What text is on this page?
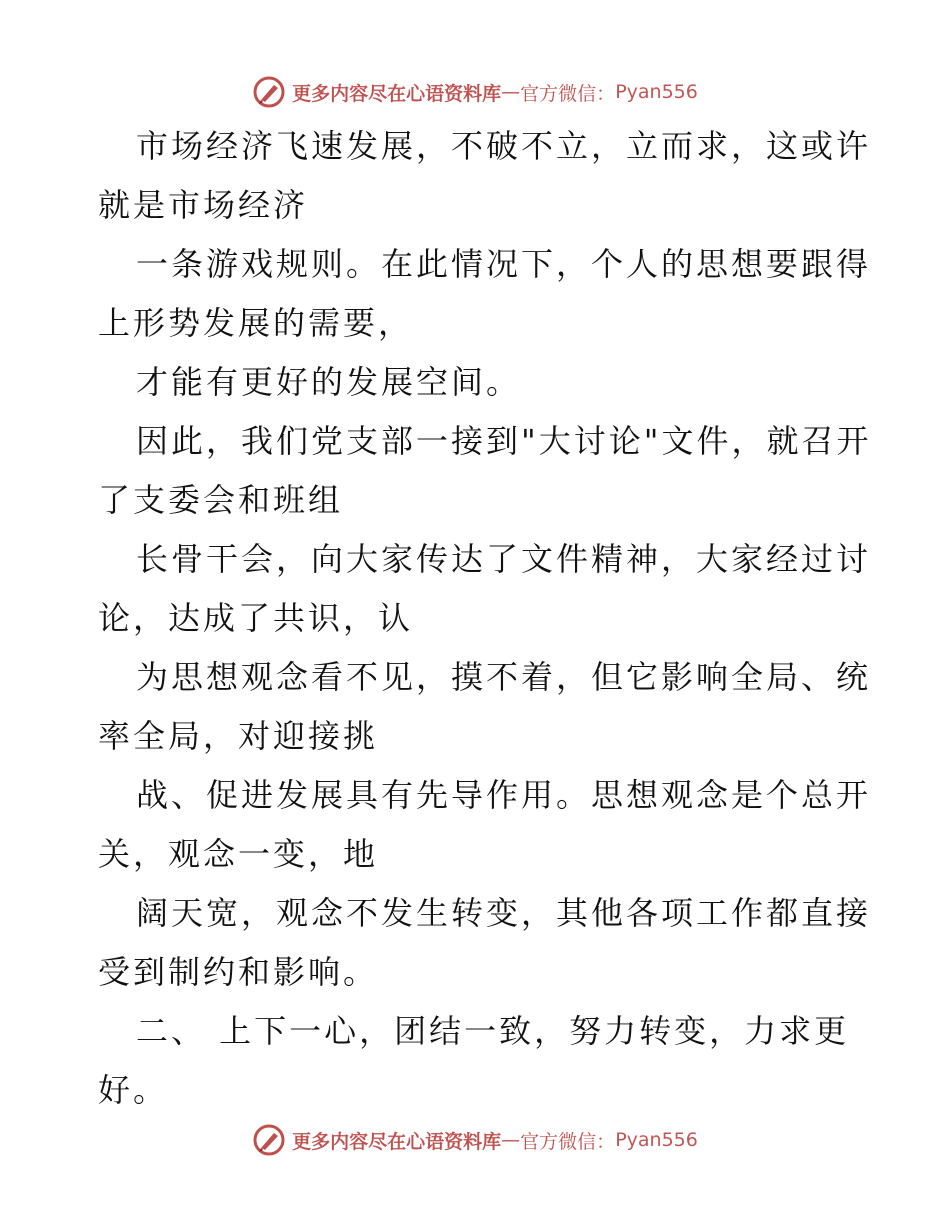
更多内容尽在心语资料库 — 官方微信： Pyan556
市场经济飞速发展，不破不立，立而求，这或许
就是市场经济
一条游戏规则。在此情况下，个人的思想要跟得
上形势发展的需要，
才能有更好的发展空间。
因此，我们党支部一接到"大讨论"文件，就召开
了支委会和班组
长骨干会，向大家传达了文件精神，大家经过讨
论，达成了共识，认
为思想观念看不见，摸不着，但它影响全局、统
率全局，对迎接挑
战、促进发展具有先导作用。思想观念是个总开
关，观念一变，地
阔天宽，观念不发生转变，其他各项工作都直接
受到制约和影响。
二、 上下一心，团结一致，努力转变，力求更
好。
更多内容尽在心语资料库 — 官方微信： Pyan556
